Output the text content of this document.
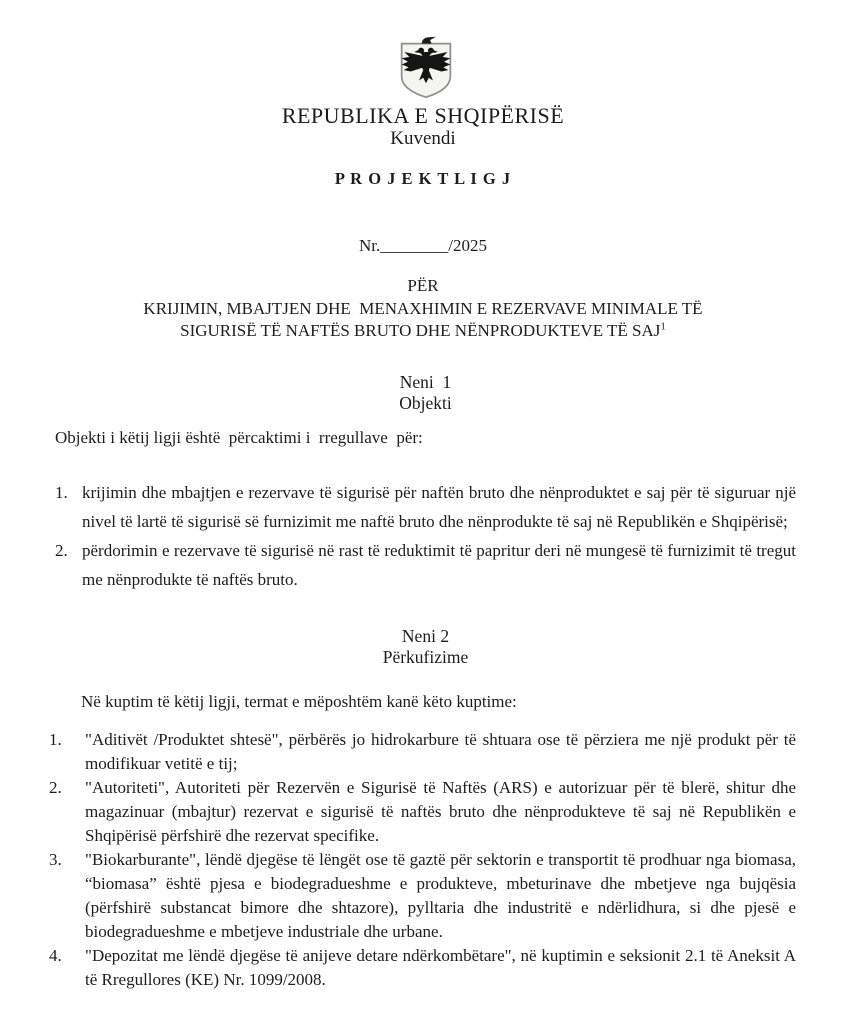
REPUBLIKA E SHQIPËRISË
Kuvendi
P R O J E K T L I G J
Nr.________/2025
PËR
KRIJIMIN, MBAJTJEN DHE  MENAXHIMIN E REZERVAVE MINIMALE TË
SIGURISË TË NAFTËS BRUTO DHE NËNPRODUKTEVE TË SAJ$^1$
Neni  1
Objekti
Objekti i këtij ligji është  përcaktimi i  rregullave  për:
1. krijimin dhe mbajtjen e rezervave të sigurisë për naftën bruto dhe nënproduktet e saj për të siguruar një nivel të lartë të sigurisë së furnizimit me naftë bruto dhe nënprodukte të saj në Republikën e Shqipërisë;
2. përdorimin e rezervave të sigurisë në rast të reduktimit të papritur deri në mungesë të furnizimit të tregut me nënprodukte të naftës bruto.
Neni 2
Përkufizime
Në kuptim të këtij ligji, termat e mëposhtëm kanë këto kuptime:
1.	"Aditivët /Produktet shtesë", përbërës jo hidrokarbure të shtuara ose të përziera me një produkt për të modifikuar vetitë e tij;
2.	"Autoriteti", Autoriteti për Rezervën e Sigurisë të Naftës (ARS) e autorizuar për të blerë, shitur dhe magazinuar (mbajtur) rezervat e sigurisë të naftës bruto dhe nënprodukteve të saj në Republikën e Shqipërisë përfshirë dhe rezervat specifike.
3.	"Biokarburante", lëndë djegëse të lëngët ose të gaztë për sektorin e transportit të prodhuar nga biomasa, “biomasa” është pjesa e biodegradueshme e produkteve, mbeturinave dhe mbetjeve nga bujqësia (përfshirë substancat bimore dhe shtazore), pylltaria dhe industritë e ndërlidhura, si dhe pjesë e biodegradueshme e mbetjeve industriale dhe urbane.
4.	"Depozitat me lëndë djegëse të anijeve detare ndërkombëtare", në kuptimin e seksionit 2.1 të Aneksit A të Rregullores (KE) Nr. 1099/2008.
